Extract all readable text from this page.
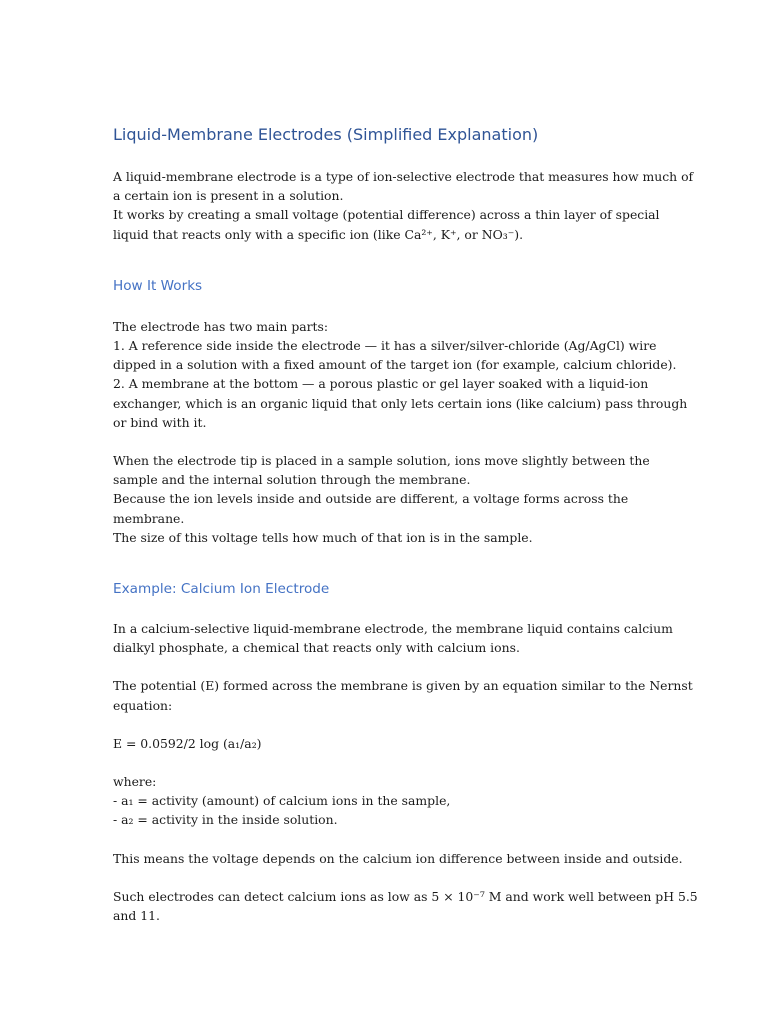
Liquid-Membrane Electrodes (Simplified Explanation)

A liquid-membrane electrode is a type of ion-selective electrode that measures how much of
a certain ion is present in a solution.
It works by creating a small voltage (potential difference) across a thin layer of special
liquid that reacts only with a specific ion (like Ca²⁺, K⁺, or NO₃⁻).

How It Works

The electrode has two main parts:
1. A reference side inside the electrode — it has a silver/silver-chloride (Ag/AgCl) wire
dipped in a solution with a fixed amount of the target ion (for example, calcium chloride).
2. A membrane at the bottom — a porous plastic or gel layer soaked with a liquid-ion
exchanger, which is an organic liquid that only lets certain ions (like calcium) pass through
or bind with it.

When the electrode tip is placed in a sample solution, ions move slightly between the
sample and the internal solution through the membrane.
Because the ion levels inside and outside are different, a voltage forms across the
membrane.
The size of this voltage tells how much of that ion is in the sample.

Example: Calcium Ion Electrode

In a calcium-selective liquid-membrane electrode, the membrane liquid contains calcium
dialkyl phosphate, a chemical that reacts only with calcium ions.

The potential (E) formed across the membrane is given by an equation similar to the Nernst
equation:

E = 0.0592/2 log (a₁/a₂)

where:
- a₁ = activity (amount) of calcium ions in the sample,
- a₂ = activity in the inside solution.

This means the voltage depends on the calcium ion difference between inside and outside.

Such electrodes can detect calcium ions as low as 5 × 10⁻⁷ M and work well between pH 5.5
and 11.
